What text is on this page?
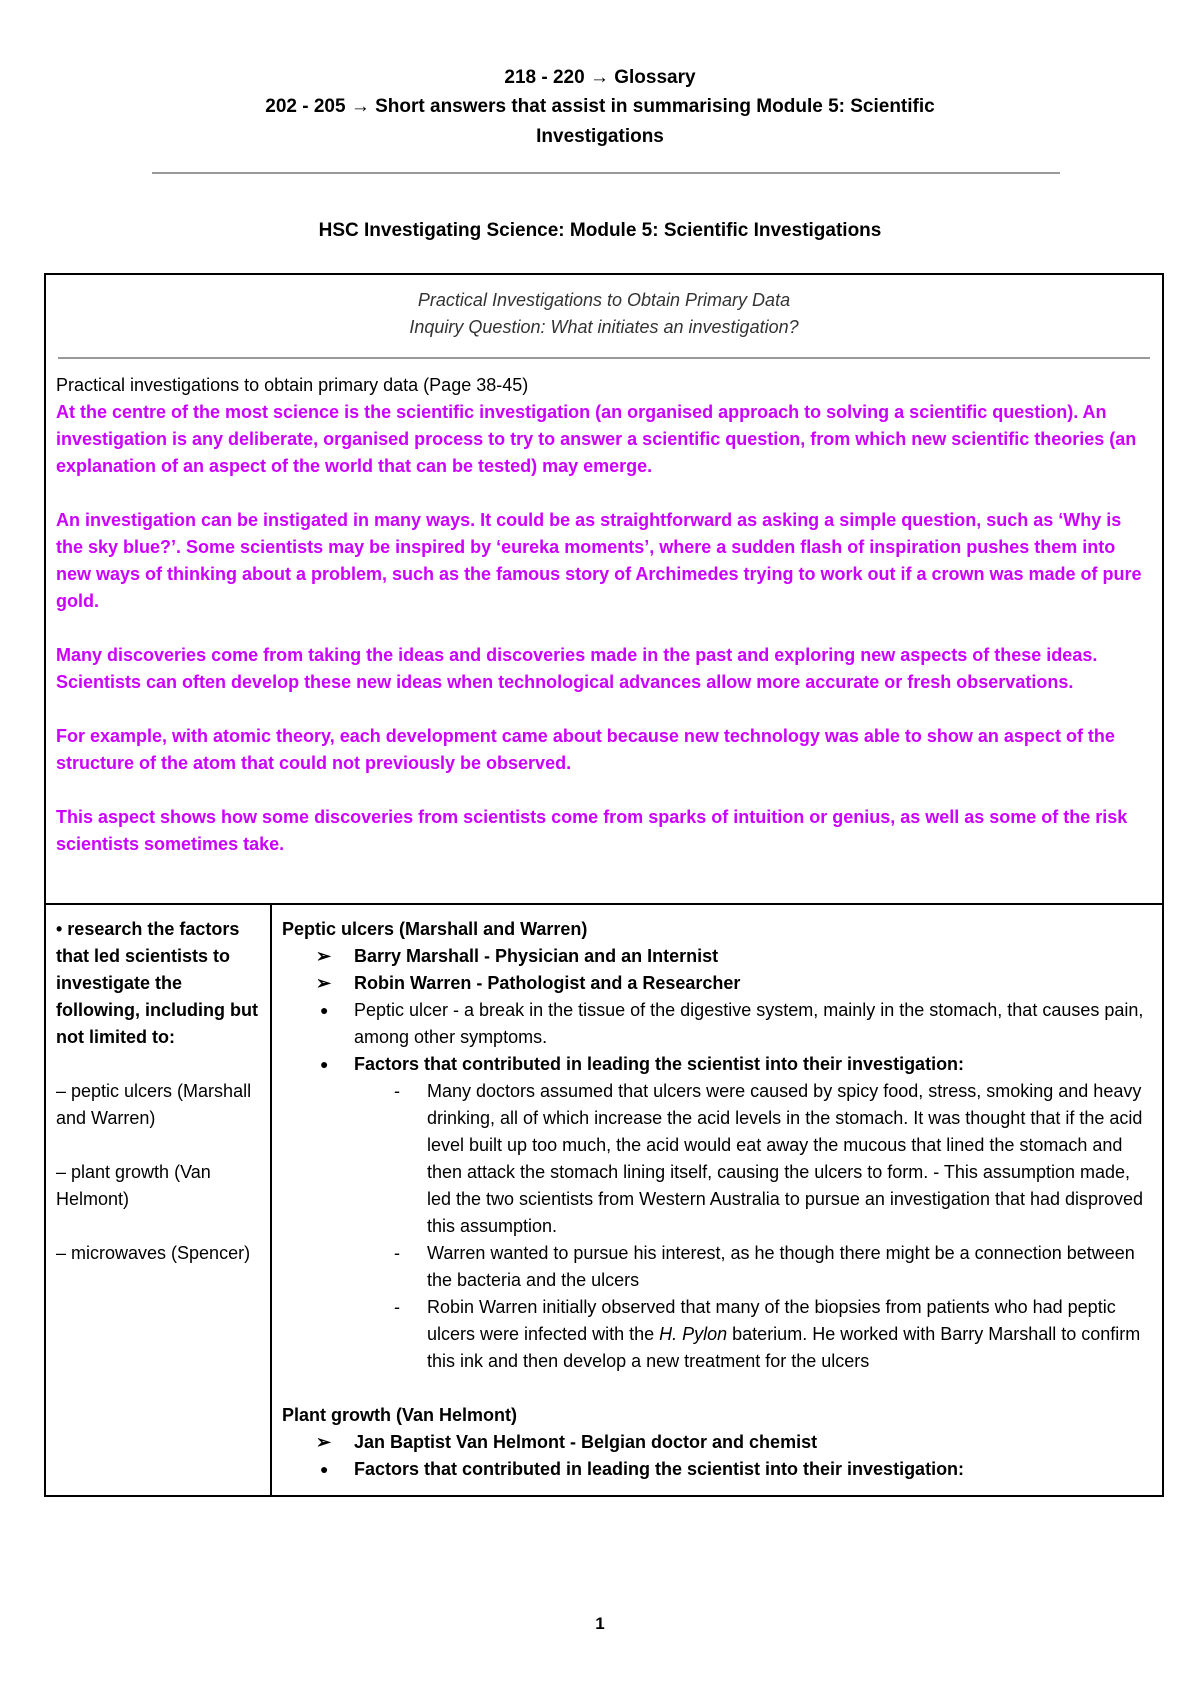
218 - 220 → Glossary
202 - 205 → Short answers that assist in summarising Module 5: Scientific
Investigations
HSC Investigating Science: Module 5: Scientific Investigations
Practical Investigations to Obtain Primary Data
Inquiry Question: What initiates an investigation?

Practical investigations to obtain primary data (Page 38-45)

At the centre of the most science is the scientific investigation (an organised approach to solving a scientific question). An investigation is any deliberate, organised process to try to answer a scientific question, from which new scientific theories (an explanation of an aspect of the world that can be tested) may emerge.

An investigation can be instigated in many ways. It could be as straightforward as asking a simple question, such as ‘Why is the sky blue?’. Some scientists may be inspired by ‘eureka moments’, where a sudden flash of inspiration pushes them into new ways of thinking about a problem, such as the famous story of Archimedes trying to work out if a crown was made of pure gold.

Many discoveries come from taking the ideas and discoveries made in the past and exploring new aspects of these ideas. Scientists can often develop these new ideas when technological advances allow more accurate or fresh observations.

For example, with atomic theory, each development came about because new technology was able to show an aspect of the structure of the atom that could not previously be observed.

This aspect shows how some discoveries from scientists come from sparks of intuition or genius, as well as some of the risk scientists sometimes take.

• research the factors that led scientists to investigate the following, including but not limited to:
– peptic ulcers (Marshall and Warren)
– plant growth (Van Helmont)
– microwaves (Spencer)
Peptic ulcers (Marshall and Warren)
➢ Barry Marshall - Physician and an Internist
➢ Robin Warren - Pathologist and a Researcher
● Peptic ulcer - a break in the tissue of the digestive system, mainly in the stomach, that causes pain, among other symptoms.
● Factors that contributed in leading the scientist into their investigation:
- Many doctors assumed that ulcers were caused by spicy food, stress, smoking and heavy drinking, all of which increase the acid levels in the stomach. It was thought that if the acid level built up too much, the acid would eat away the mucous that lined the stomach and then attack the stomach lining itself, causing the ulcers to form. - This assumption made, led the two scientists from Western Australia to pursue an investigation that had disproved this assumption.
- Warren wanted to pursue his interest, as he though there might be a connection between the bacteria and the ulcers
- Robin Warren initially observed that many of the biopsies from patients who had peptic ulcers were infected with the H. Pylon baterium. He worked with Barry Marshall to confirm this ink and then develop a new treatment for the ulcers
Plant growth (Van Helmont)
➢ Jan Baptist Van Helmont - Belgian doctor and chemist
● Factors that contributed in leading the scientist into their investigation:
1
